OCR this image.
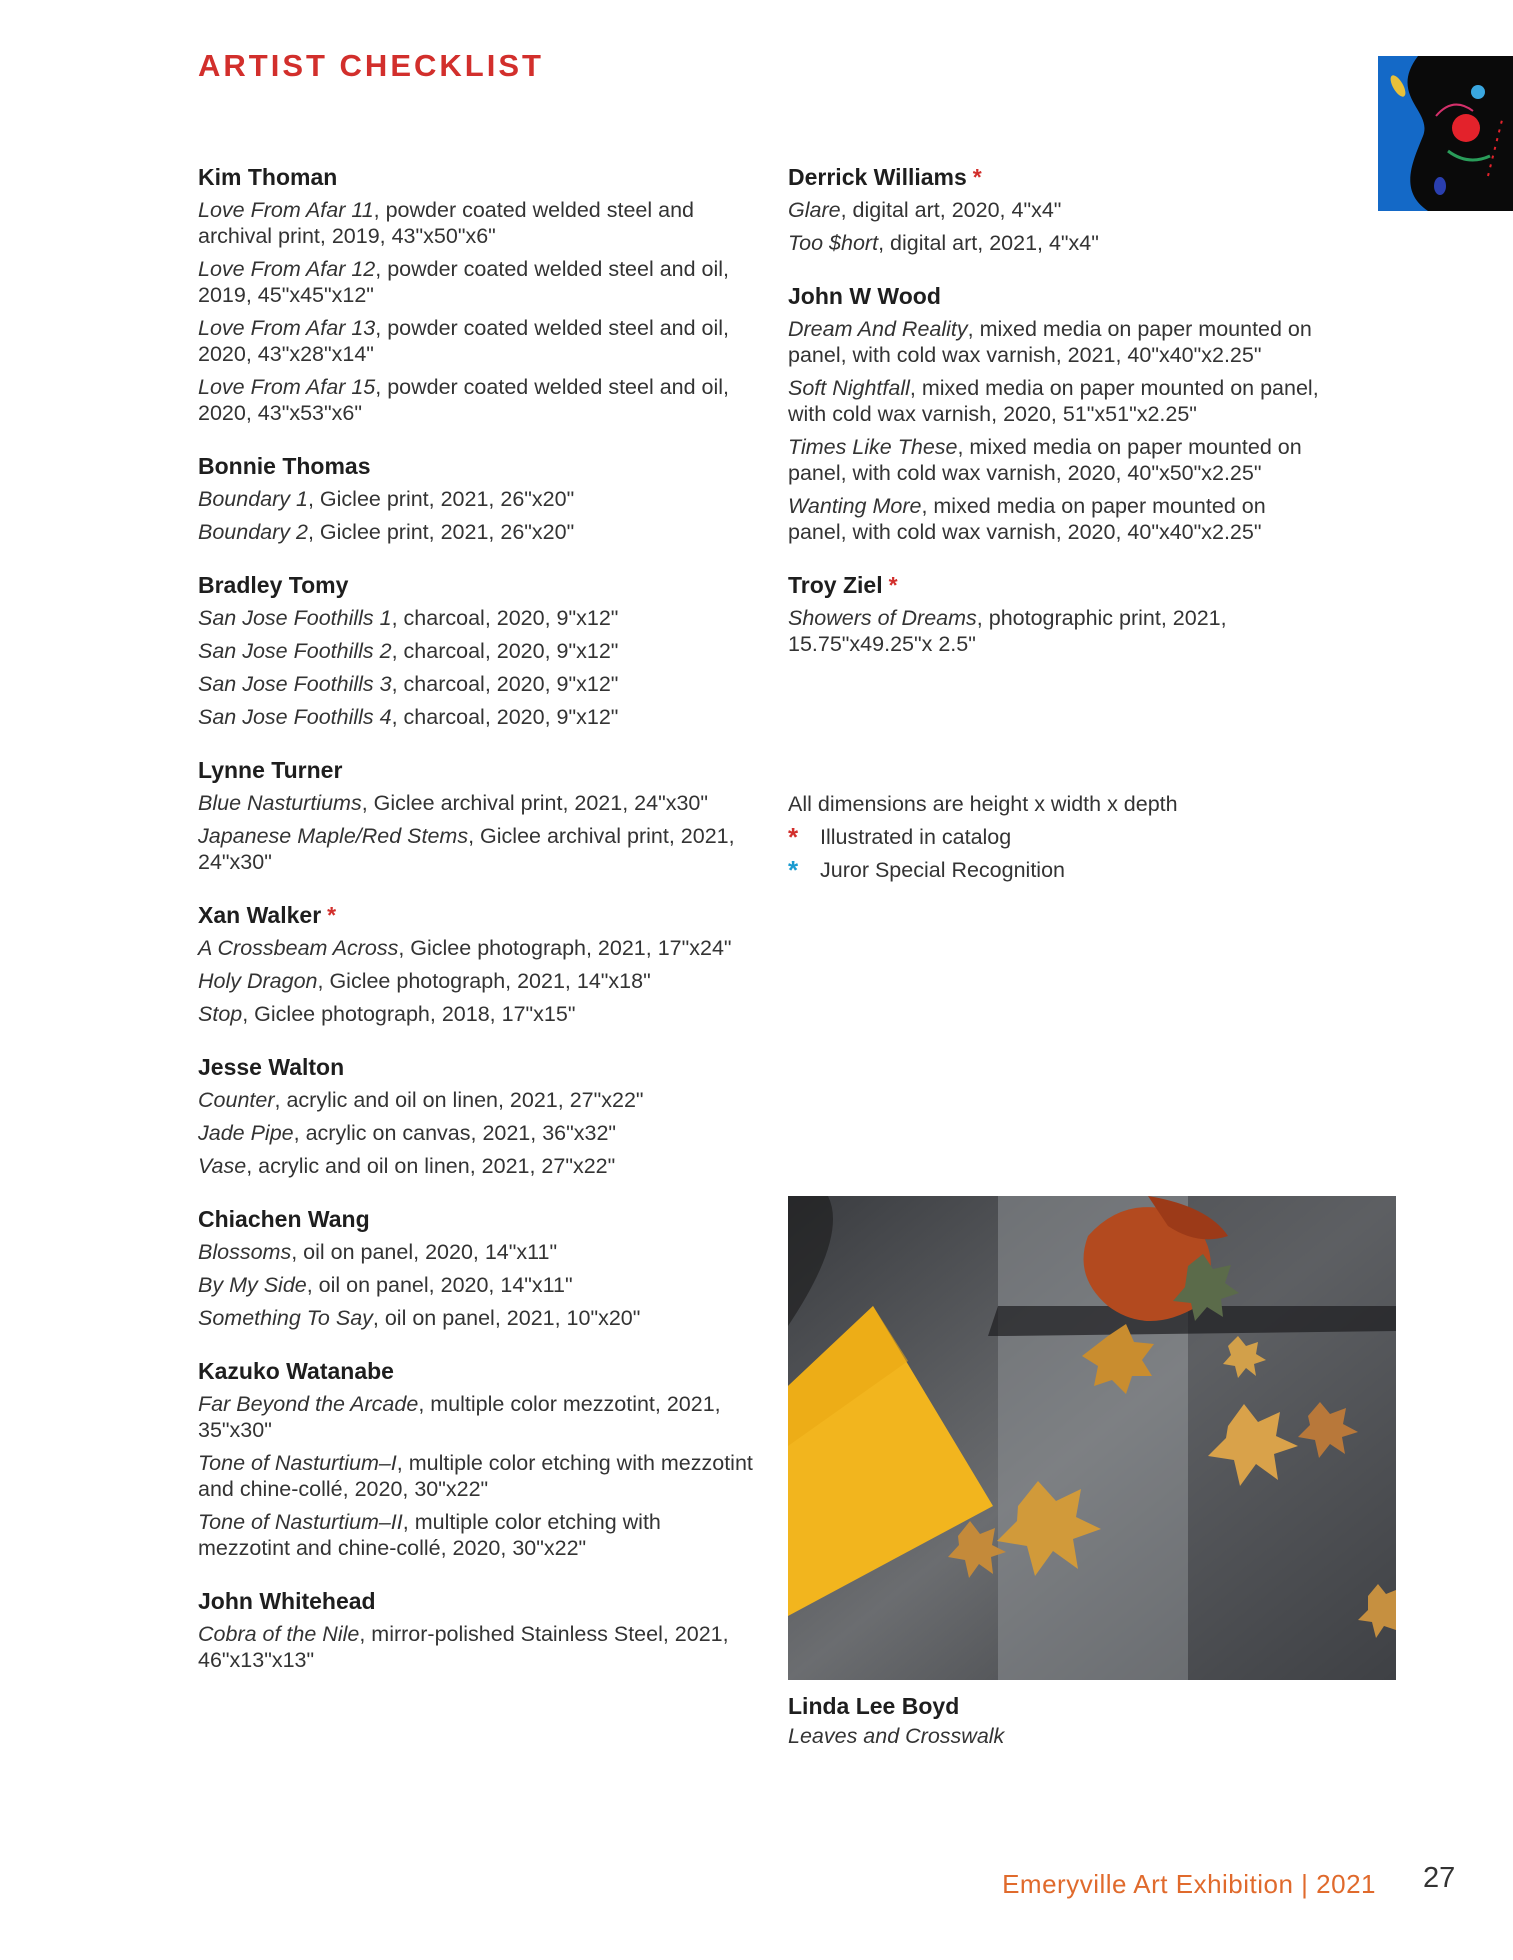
ARTIST CHECKLIST
Kim Thoman
Love From Afar 11, powder coated welded steel and archival print, 2019, 43"x50"x6"
Love From Afar 12, powder coated welded steel and oil, 2019, 45"x45"x12"
Love From Afar 13, powder coated welded steel and oil, 2020, 43"x28"x14"
Love From Afar 15, powder coated welded steel and oil, 2020, 43"x53"x6"
Bonnie Thomas
Boundary 1, Giclee print, 2021, 26"x20"
Boundary 2, Giclee print, 2021, 26"x20"
Bradley Tomy
San Jose Foothills 1, charcoal, 2020, 9"x12"
San Jose Foothills 2, charcoal, 2020, 9"x12"
San Jose Foothills 3, charcoal, 2020, 9"x12"
San Jose Foothills 4, charcoal, 2020, 9"x12"
Lynne Turner
Blue Nasturtiums, Giclee archival print, 2021, 24"x30"
Japanese Maple/Red Stems, Giclee archival print, 2021, 24"x30"
Xan Walker *
A Crossbeam Across, Giclee photograph, 2021, 17"x24"
Holy Dragon, Giclee photograph, 2021, 14"x18"
Stop, Giclee photograph, 2018, 17"x15"
Jesse Walton
Counter, acrylic and oil on linen, 2021, 27"x22"
Jade Pipe, acrylic on canvas, 2021, 36"x32"
Vase, acrylic and oil on linen, 2021, 27"x22"
Chiachen Wang
Blossoms, oil on panel, 2020, 14"x11"
By My Side, oil on panel, 2020, 14"x11"
Something To Say, oil on panel, 2021, 10"x20"
Kazuko Watanabe
Far Beyond the Arcade, multiple color mezzotint, 2021, 35"x30"
Tone of Nasturtium–I, multiple color etching with mezzotint and chine-collé, 2020, 30"x22"
Tone of Nasturtium–II, multiple color etching with mezzotint and chine-collé, 2020, 30"x22"
John Whitehead
Cobra of the Nile, mirror-polished Stainless Steel, 2021, 46"x13"x13"
Derrick Williams *
Glare, digital art, 2020, 4"x4"
Too $hort, digital art, 2021, 4"x4"
John W Wood
Dream And Reality, mixed media on paper mounted on panel, with cold wax varnish, 2021, 40"x40"x2.25"
Soft Nightfall, mixed media on paper mounted on panel, with cold wax varnish, 2020, 51"x51"x2.25"
Times Like These, mixed media on paper mounted on panel, with cold wax varnish, 2020, 40"x50"x2.25"
Wanting More, mixed media on paper mounted on panel, with cold wax varnish, 2020, 40"x40"x2.25"
Troy Ziel *
Showers of Dreams, photographic print, 2021, 15.75"x49.25"x 2.5"
All dimensions are height x width x depth
*	Illustrated in catalog
*	Juror Special Recognition
Linda Lee Boyd
Leaves and Crosswalk
Emeryville Art Exhibition | 2021 27
